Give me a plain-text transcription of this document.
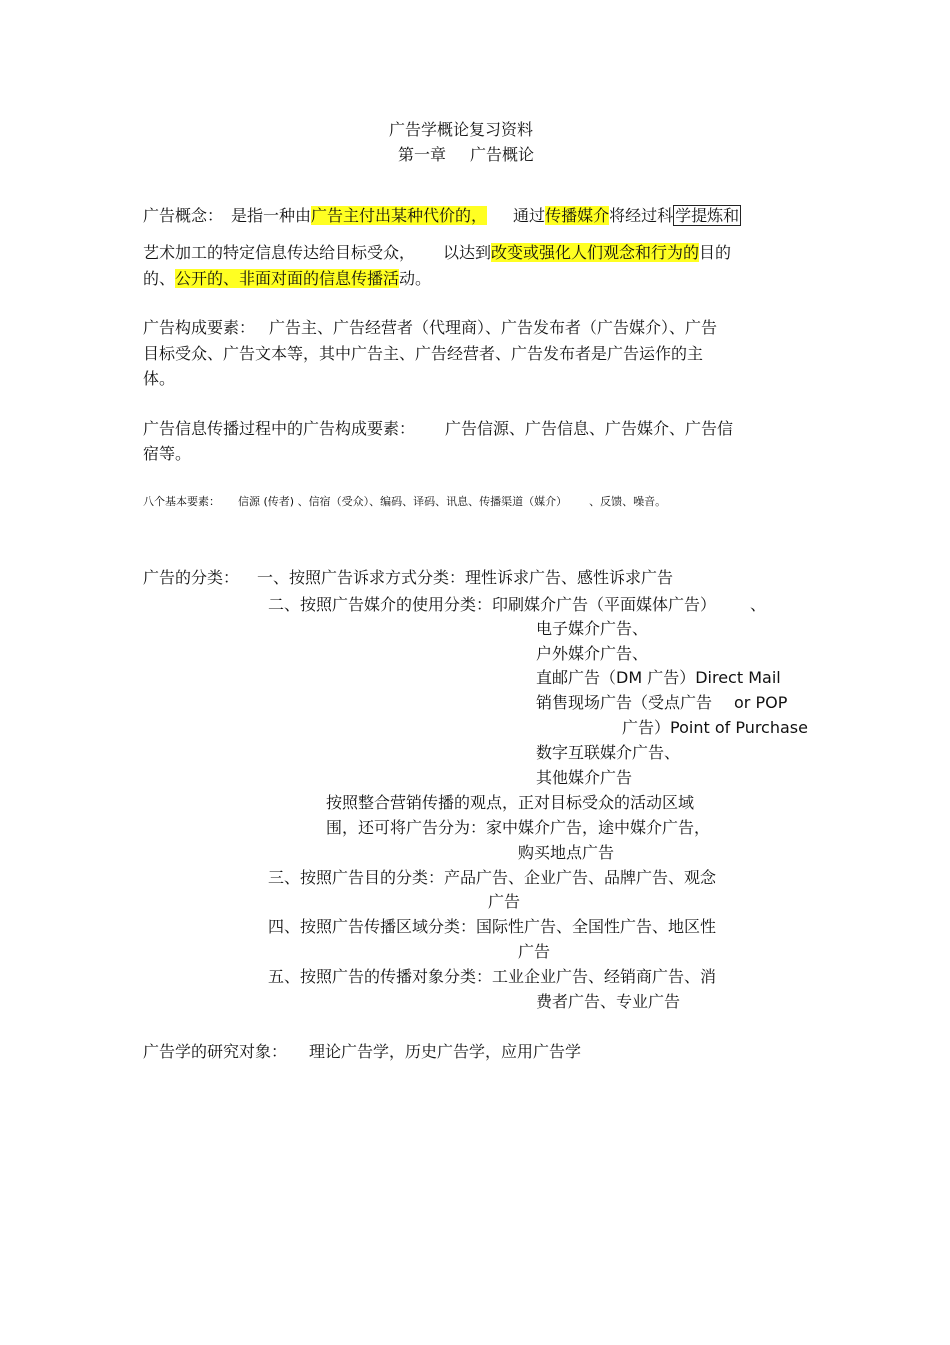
广告学概论复习资料
第一章 广告概论
广告概念： 是指一种由广告主付出某种代价的， 通过传播媒介将经过科 学提炼和
艺术加工的特定信息传达给目标受众， 以达到改变或强化人们观念和行为的目的
的、公开的、非面对面的信息传播活动。
广告构成要素： 广告主、广告经营者（代理商）、广告发布者（广告媒介）、广告
目标受众、广告文本等，其中广告主、广告经营者、广告发布者是广告运作的主
体。
广告信息传播过程中的广告构成要素： 广告信源、广告信息、广告媒介、广告信
宿等。
八个基本要素： 信源 (传者) 、信宿（受众）、编码、译码、讯息、传播渠道（媒介） 、反馈、噪音。
广告的分类： 一、按照广告诉求方式分类：理性诉求广告、感性诉求广告
二、按照广告媒介的使用分类：印刷媒介广告（平面媒体广告） 、
电子媒介广告、
户外媒介广告、
直邮广告（DM 广告）Direct Mail
销售现场广告（受点广告 or POP
广告）Point of Purchase
数字互联媒介广告、
其他媒介广告
按照整合营销传播的观点，正对目标受众的活动区域
围，还可将广告分为：家中媒介广告，途中媒介广告，
购买地点广告
三、按照广告目的分类：产品广告、企业广告、品牌广告、观念
广告
四、按照广告传播区域分类：国际性广告、全国性广告、地区性
广告
五、按照广告的传播对象分类：工业企业广告、经销商广告、消
费者广告、专业广告
广告学的研究对象： 理论广告学，历史广告学，应用广告学
